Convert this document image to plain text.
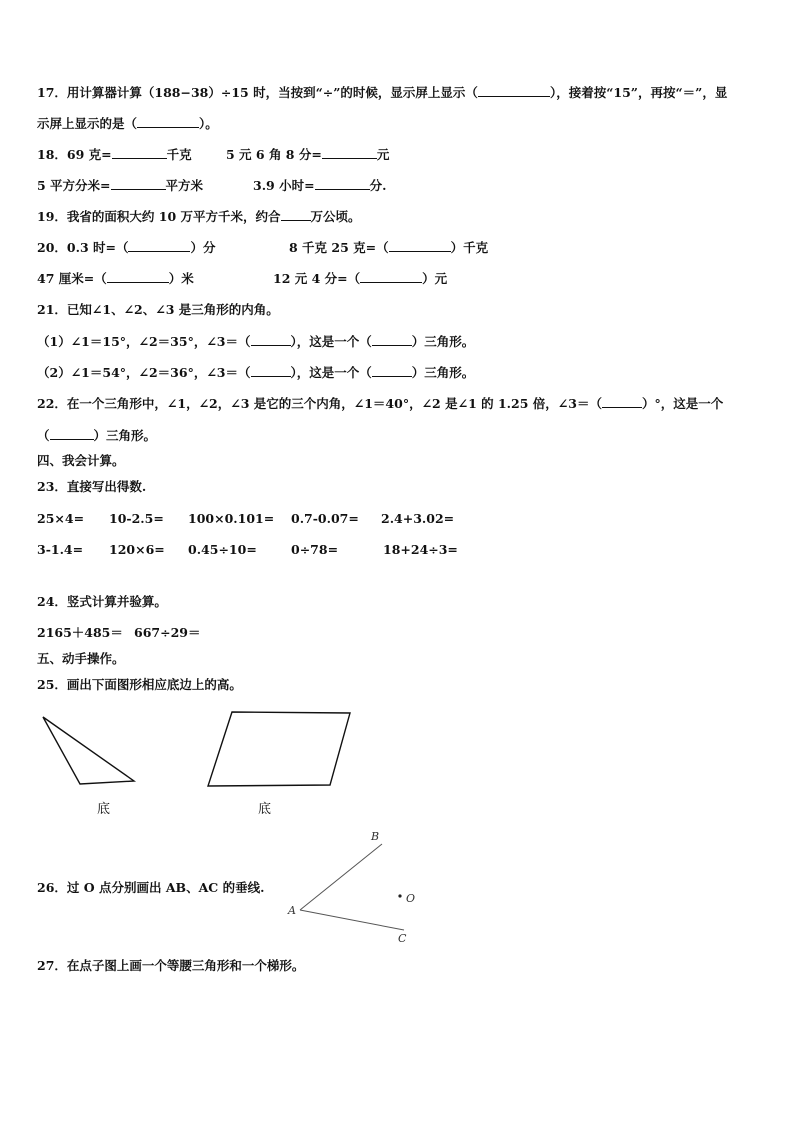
17．用计算器计算（188−38）÷15 时，当按到“÷”的时候，显示屏上显示（	），接着按“15”，再按“＝”，显
示屏上显示的是（	）。
18．69 克=	千克	5 元 6 角 8 分=	元
5 平方分米=	平方米	3.9 小时=	分.
19．我省的面积大约 10 万平方千米，约合 万公顷。
20．0.3 时=（	）分	8 千克 25 克=（	）千克
47 厘米=（	）米	12 元 4 分=（	）元
21．已知∠1、∠2、∠3 是三角形的内角。
（1）∠1＝15°，∠2＝35°，∠3＝（	），这是一个（	）三角形。
（2）∠1＝54°，∠2＝36°，∠3＝（	），这是一个（	）三角形。
22．在一个三角形中，∠1，∠2，∠3 是它的三个内角，∠1＝40°，∠2 是∠1 的 1.25 倍，∠3＝（	）°，这是一个
（	）三角形。
四、我会计算。
23．直接写出得数.
25×4= 10-2.5= 100×0.101= 0.7-0.07= 2.4+3.02=
3-1.4= 120×6= 0.45÷10=	0÷78=	18+24÷3=
24．竖式计算并验算。
2165＋485＝ 667÷29＝
五、动手操作。
25．画出下面图形相应底边上的高。
B
A
C
O
底	底
26．过 O 点分别画出 AB、AC 的垂线.
27．在点子图上画一个等腰三角形和一个梯形。
